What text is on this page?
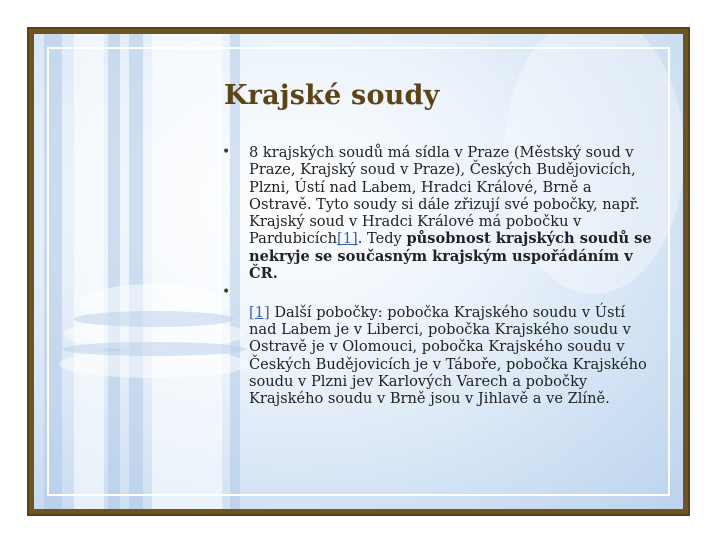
Krajské soudy
• 8 krajských soudů má sídla v Praze (Městský soud v Praze, Krajský soud v Praze), Českých Budějovicích, Plzni, Ústí nad Labem, Hradci Králové, Brně a Ostravě. Tyto soudy si dále zřizují své pobočky, např. Krajský soud v Hradci Králové má pobočku v Pardubicích[1]. Tedy působnost krajských soudů se nekryje se současným krajským uspořádáním v ČR.
•

[1] Další pobočky: pobočka Krajského soudu v Ústí nad Labem je v Liberci, pobočka Krajského soudu v Ostravě je v Olomouci, pobočka Krajského soudu v Českých Budějovicích je v Táboře, pobočka Krajského soudu v Plzni jev Karlových Varech a pobočky Krajského soudu v Brně jsou v Jihlavě a ve Zlíně.
